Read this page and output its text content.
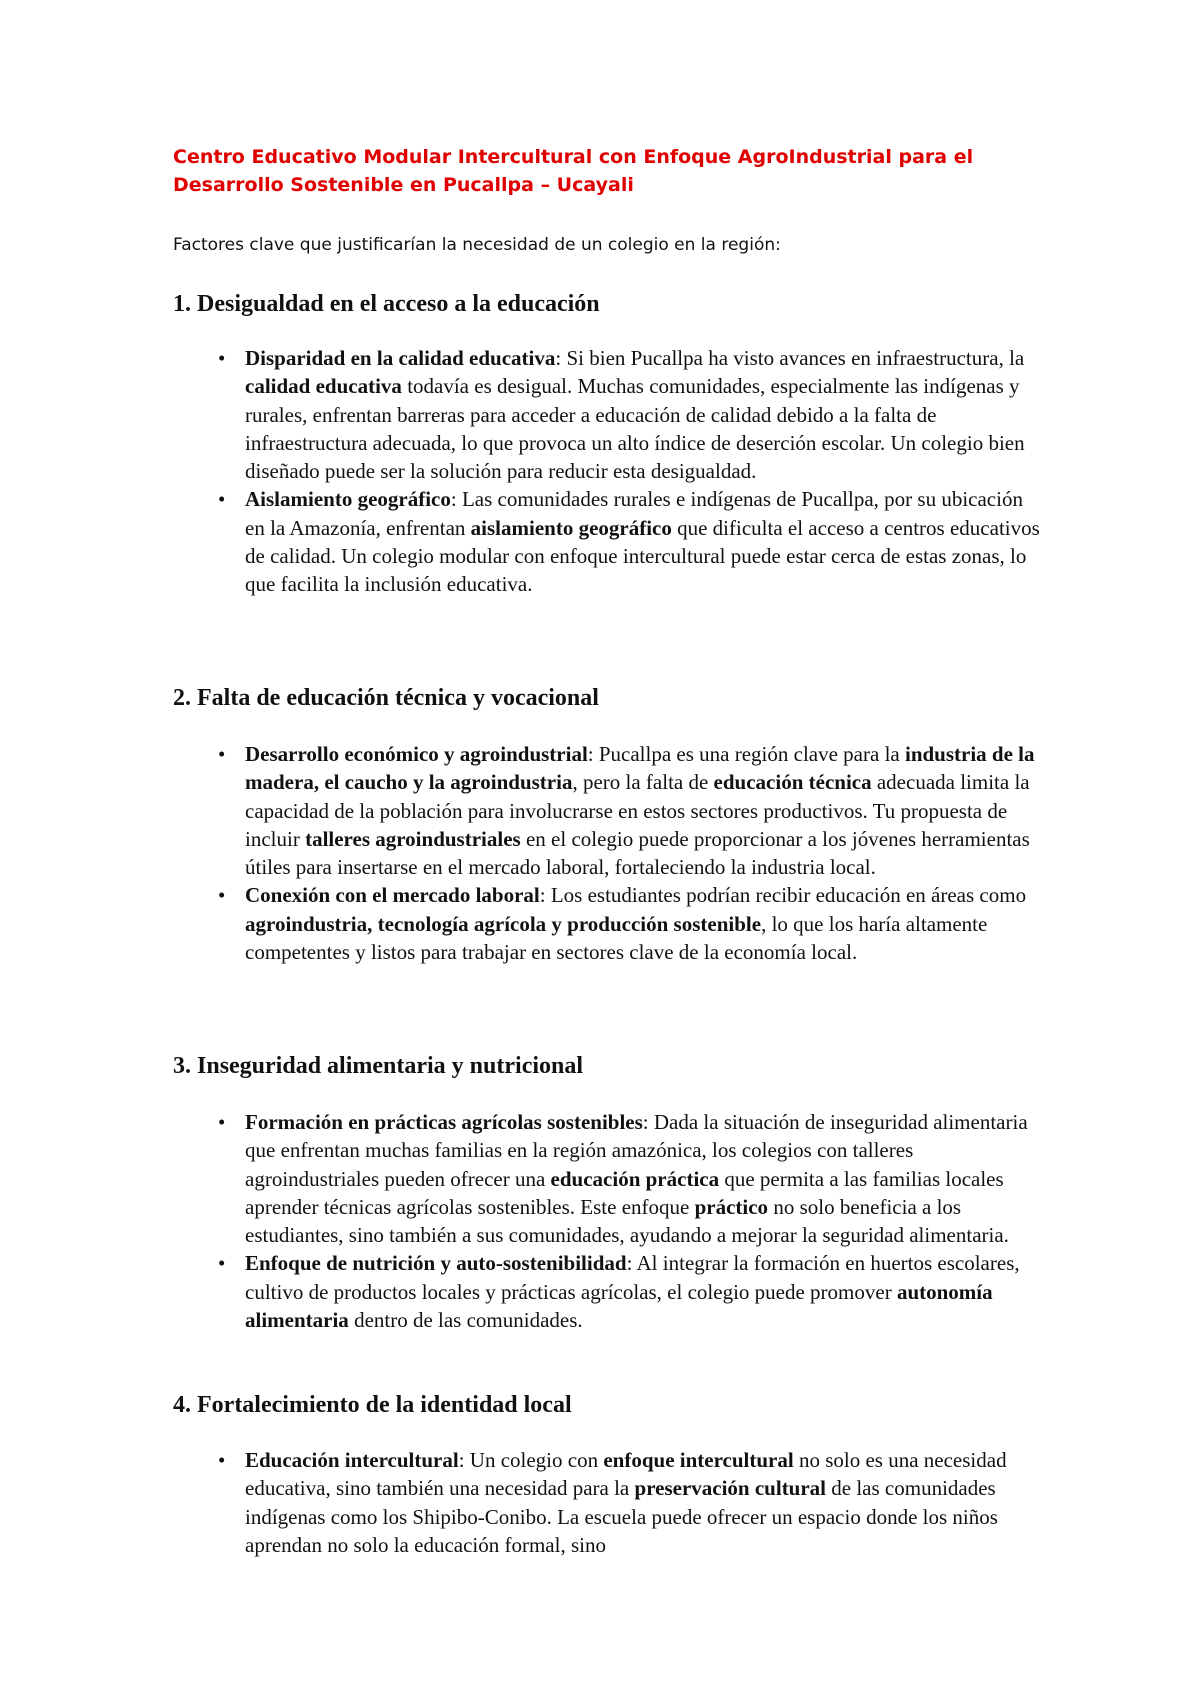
Centro Educativo Modular Intercultural con Enfoque AgroIndustrial para el Desarrollo Sostenible en Pucallpa – Ucayali

Factores clave que justificarían la necesidad de un colegio en la región:

1. Desigualdad en el acceso a la educación
• Disparidad en la calidad educativa: Si bien Pucallpa ha visto avances en infraestructura, la calidad educativa todavía es desigual. Muchas comunidades, especialmente las indígenas y rurales, enfrentan barreras para acceder a educación de calidad debido a la falta de infraestructura adecuada, lo que provoca un alto índice de deserción escolar. Un colegio bien diseñado puede ser la solución para reducir esta desigualdad.
• Aislamiento geográfico: Las comunidades rurales e indígenas de Pucallpa, por su ubicación en la Amazonía, enfrentan aislamiento geográfico que dificulta el acceso a centros educativos de calidad. Un colegio modular con enfoque intercultural puede estar cerca de estas zonas, lo que facilita la inclusión educativa.
2. Falta de educación técnica y vocacional
• Desarrollo económico y agroindustrial: Pucallpa es una región clave para la industria de la madera, el caucho y la agroindustria, pero la falta de educación técnica adecuada limita la capacidad de la población para involucrarse en estos sectores productivos. Tu propuesta de incluir talleres agroindustriales en el colegio puede proporcionar a los jóvenes herramientas útiles para insertarse en el mercado laboral, fortaleciendo la industria local.
• Conexión con el mercado laboral: Los estudiantes podrían recibir educación en áreas como agroindustria, tecnología agrícola y producción sostenible, lo que los haría altamente competentes y listos para trabajar en sectores clave de la economía local.
3. Inseguridad alimentaria y nutricional
• Formación en prácticas agrícolas sostenibles: Dada la situación de inseguridad alimentaria que enfrentan muchas familias en la región amazónica, los colegios con talleres agroindustriales pueden ofrecer una educación práctica que permita a las familias locales aprender técnicas agrícolas sostenibles. Este enfoque práctico no solo beneficia a los estudiantes, sino también a sus comunidades, ayudando a mejorar la seguridad alimentaria.
• Enfoque de nutrición y auto-sostenibilidad: Al integrar la formación en huertos escolares, cultivo de productos locales y prácticas agrícolas, el colegio puede promover autonomía alimentaria dentro de las comunidades.
4. Fortalecimiento de la identidad local
• Educación intercultural: Un colegio con enfoque intercultural no solo es una necesidad educativa, sino también una necesidad para la preservación cultural de las comunidades indígenas como los Shipibo-Conibo. La escuela puede ofrecer un espacio donde los niños aprendan no solo la educación formal, sino
